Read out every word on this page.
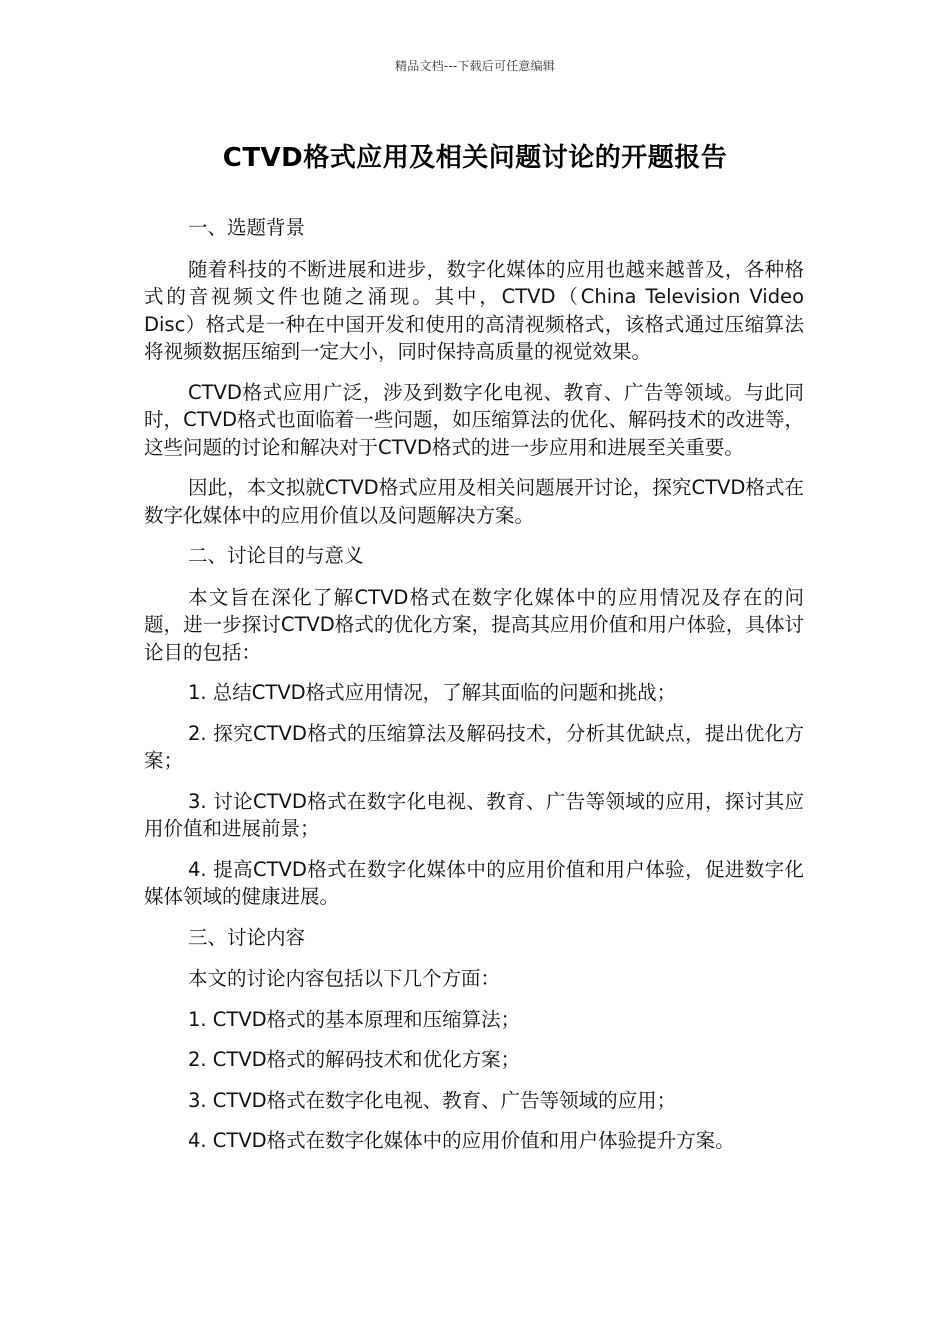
精品文档---下载后可任意编辑
CTVD格式应用及相关问题讨论的开题报告

一、选题背景

随着科技的不断进展和进步，数字化媒体的应用也越来越普及，各种格式的音视频文件也随之涌现。其中，CTVD（China Television Video Disc）格式是一种在中国开发和使用的高清视频格式，该格式通过压缩算法将视频数据压缩到一定大小，同时保持高质量的视觉效果。

CTVD格式应用广泛，涉及到数字化电视、教育、广告等领域。与此同时，CTVD格式也面临着一些问题，如压缩算法的优化、解码技术的改进等，这些问题的讨论和解决对于CTVD格式的进一步应用和进展至关重要。

因此，本文拟就CTVD格式应用及相关问题展开讨论，探究CTVD格式在数字化媒体中的应用价值以及问题解决方案。

二、讨论目的与意义

本文旨在深化了解CTVD格式在数字化媒体中的应用情况及存在的问题，进一步探讨CTVD格式的优化方案，提高其应用价值和用户体验，具体讨论目的包括：

1. 总结CTVD格式应用情况，了解其面临的问题和挑战；

2. 探究CTVD格式的压缩算法及解码技术，分析其优缺点，提出优化方案；

3. 讨论CTVD格式在数字化电视、教育、广告等领域的应用，探讨其应用价值和进展前景；

4. 提高CTVD格式在数字化媒体中的应用价值和用户体验，促进数字化媒体领域的健康进展。

三、讨论内容

本文的讨论内容包括以下几个方面：

1. CTVD格式的基本原理和压缩算法；

2. CTVD格式的解码技术和优化方案；

3. CTVD格式在数字化电视、教育、广告等领域的应用；

4. CTVD格式在数字化媒体中的应用价值和用户体验提升方案。
